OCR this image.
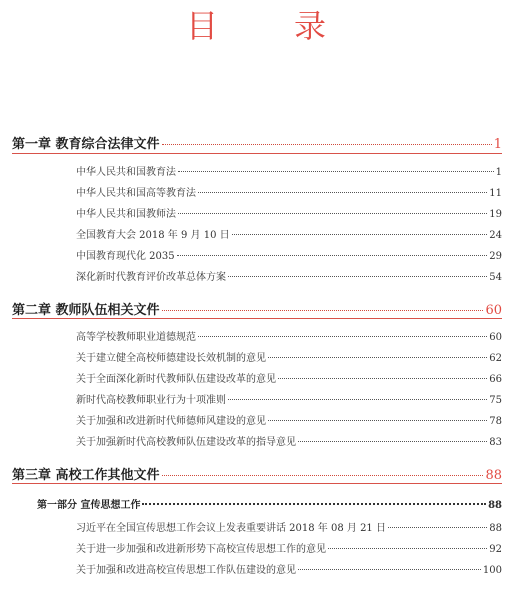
目　录
第一章 教育综合法律文件	1
中华人民共和国教育法	1
中华人民共和国高等教育法	11
中华人民共和国教师法	19
全国教育大会 2018 年 9 月 10 日	24
中国教育现代化 2035	29
深化新时代教育评价改革总体方案	54
第二章 教师队伍相关文件	60
高等学校教师职业道德规范	60
关于建立健全高校师德建设长效机制的意见	62
关于全面深化新时代教师队伍建设改革的意见	66
新时代高校教师职业行为十项准则	75
关于加强和改进新时代师德师风建设的意见	78
关于加强新时代高校教师队伍建设改革的指导意见	83
第三章 高校工作其他文件	88
第一部分 宣传思想工作	88
习近平在全国宣传思想工作会议上发表重要讲话 2018 年 08 月 21 日	88
关于进一步加强和改进新形势下高校宣传思想工作的意见	92
关于加强和改进高校宣传思想工作队伍建设的意见	100
